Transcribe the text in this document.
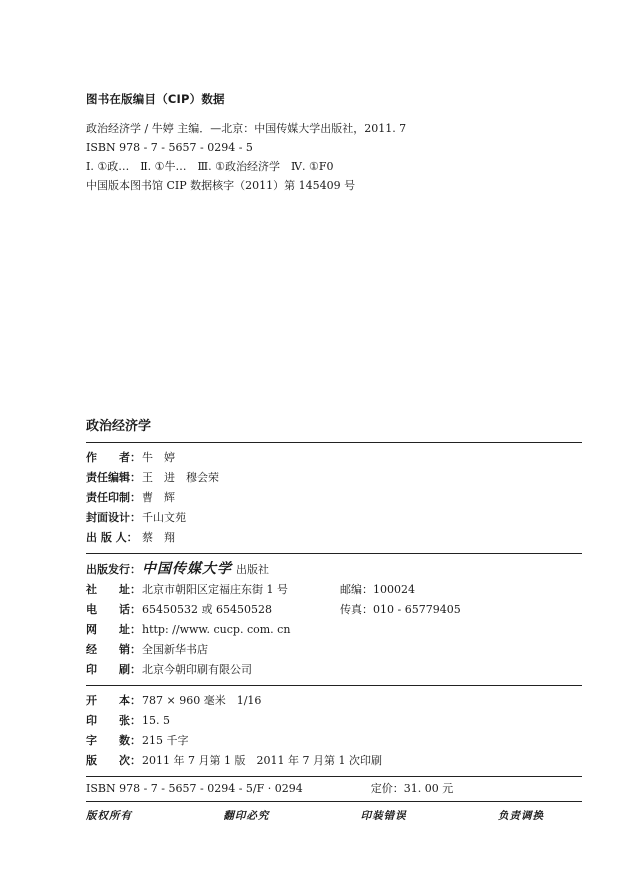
图书在版编目（CIP）数据
政治经济学 / 牛婷 主编．—北京：中国传媒大学出版社，2011. 7
ISBN 978 - 7 - 5657 - 0294 - 5
Ⅰ. ①政…　Ⅱ. ①牛…　Ⅲ. ①政治经济学　Ⅳ. ①F0
中国版本图书馆 CIP 数据核字（2011）第 145409 号
政治经济学
作　　者： 牛　婷
责任编辑： 王　进　穆会荣
责任印制： 曹　辉
封面设计： 千山文苑
出 版 人： 蔡　翔
出版发行： 中国传媒大学 出版社
社　　址： 北京市朝阳区定福庄东街 1 号	邮编：100024
电　　话： 65450532 或 65450528	传真：010 - 65779405
网　　址： http: //www. cucp. com. cn
经　　销： 全国新华书店
印　　刷： 北京今朝印刷有限公司
开　　本： 787 × 960 毫米　1/16
印　　张： 15. 5
字　　数： 215 千字
版　　次： 2011 年 7 月第 1 版　2011 年 7 月第 1 次印刷
ISBN 978 - 7 - 5657 - 0294 - 5/F · 0294	定价：31. 00 元
版权所有	翻印必究	印装错误	负责调换
